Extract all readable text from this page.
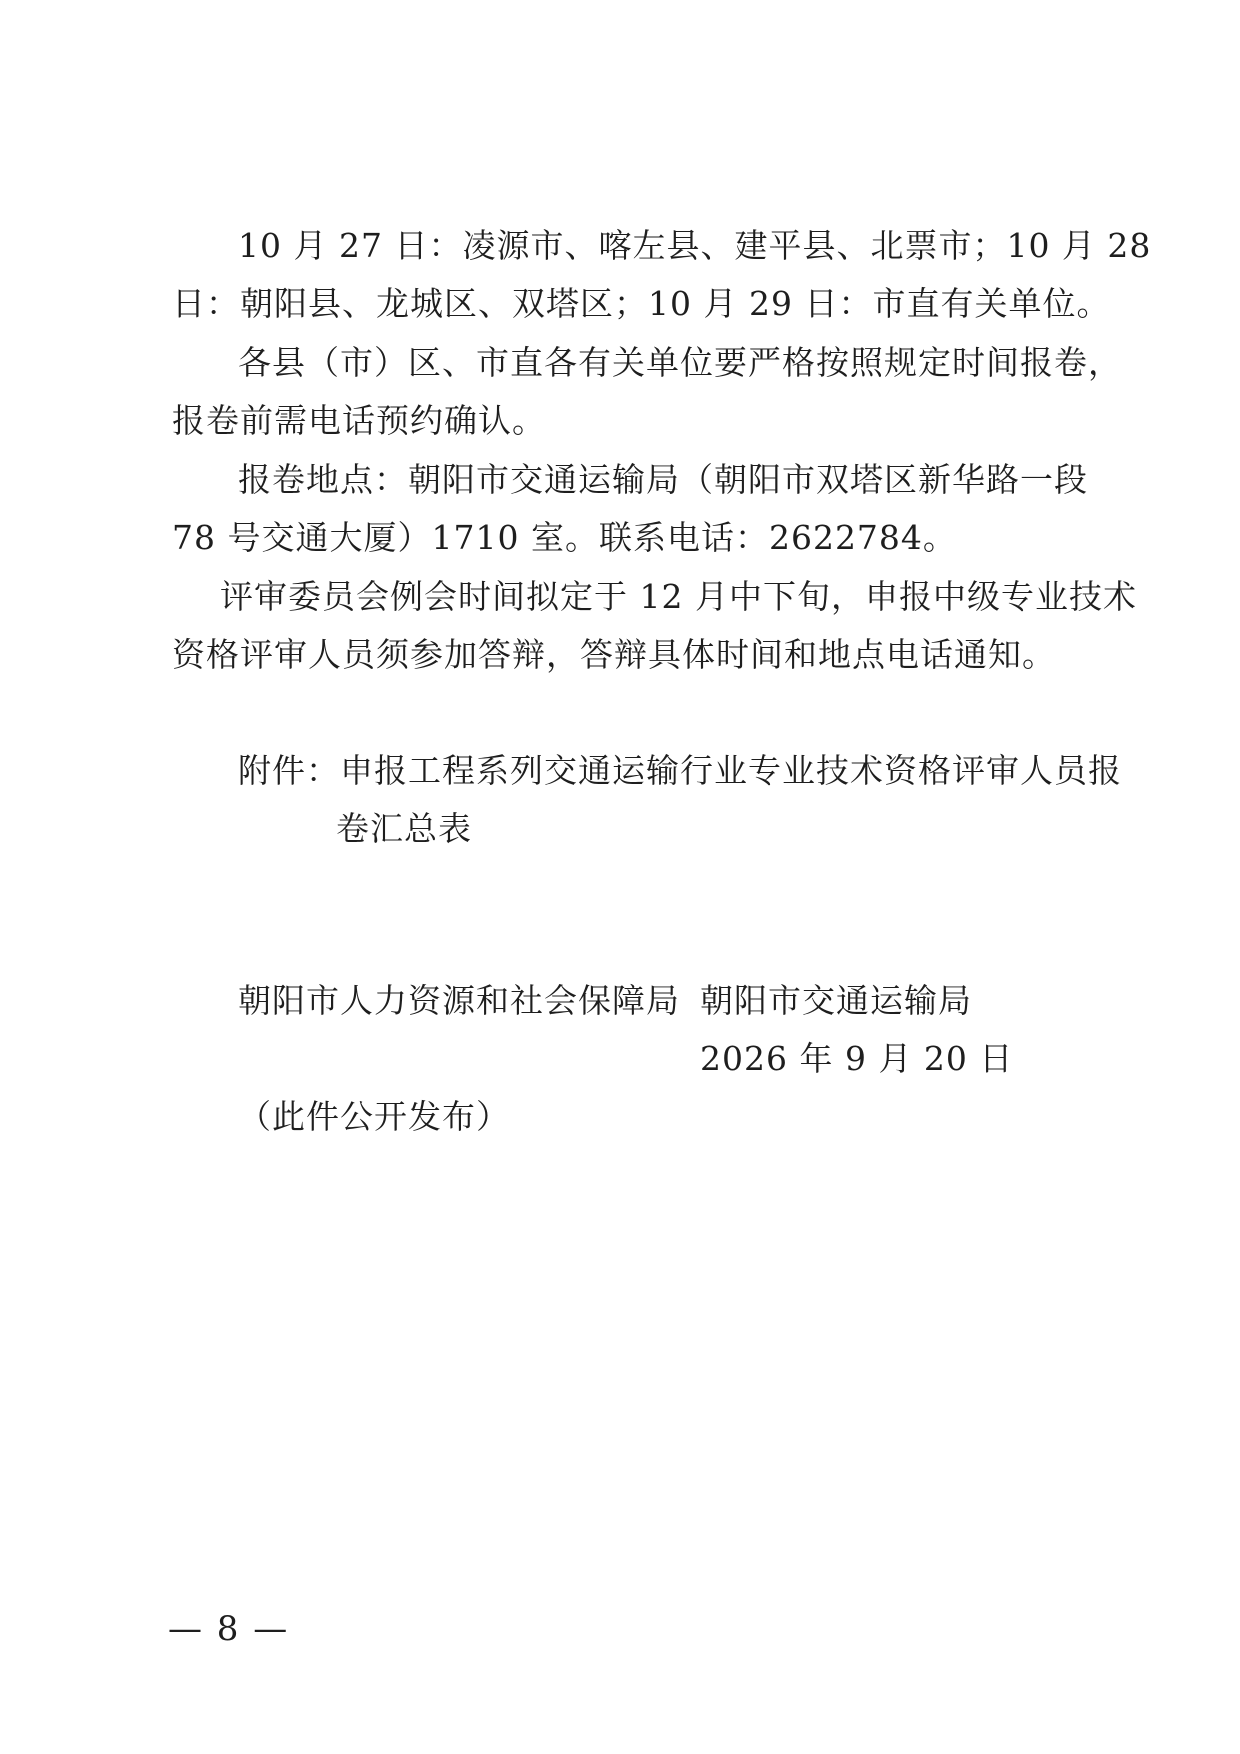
10 月 27 日：凌源市、喀左县、建平县、北票市；10 月 28
日：朝阳县、龙城区、双塔区；10 月 29 日：市直有关单位。
各县（市）区、市直各有关单位要严格按照规定时间报卷，
报卷前需电话预约确认。
报卷地点：朝阳市交通运输局（朝阳市双塔区新华路一段
78 号交通大厦）1710 室。联系电话：2622784。
评审委员会例会时间拟定于 12 月中下旬，申报中级专业技术
资格评审人员须参加答辩，答辩具体时间和地点电话通知。
附件：申报工程系列交通运输行业专业技术资格评审人员报
卷汇总表
朝阳市人力资源和社会保障局 朝阳市交通运输局
2026 年 9 月 20 日
（此件公开发布）
— 8 —
